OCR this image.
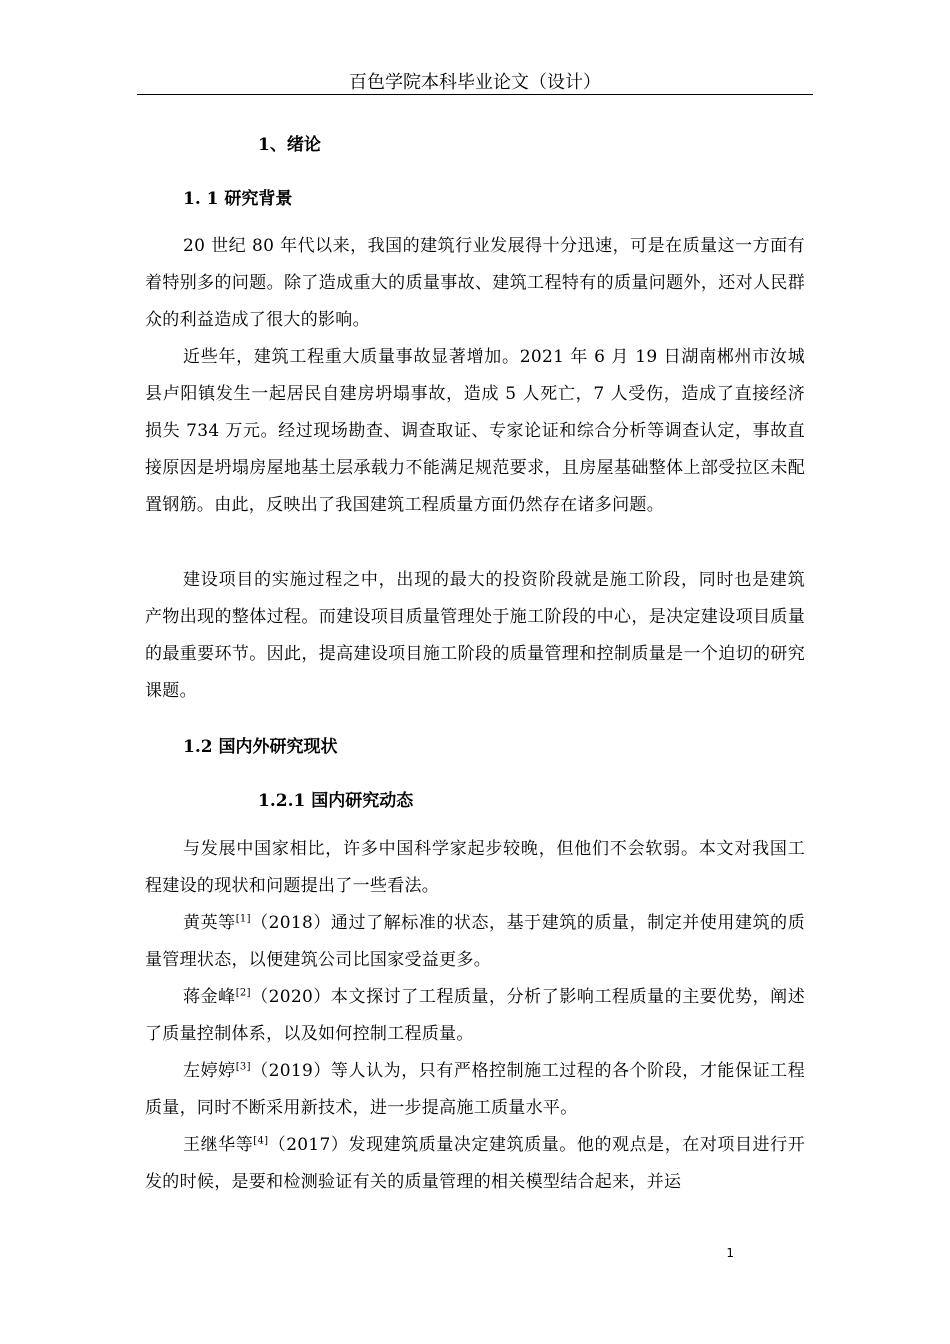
百色学院本科毕业论文（设计）
1、绪论
1. 1 研究背景

20 世纪 80 年代以来，我国的建筑行业发展得十分迅速，可是在质量这一方面有着特别多的问题。除了造成重大的质量事故、建筑工程特有的质量问题外，还对人民群众的利益造成了很大的影响。

近些年，建筑工程重大质量事故显著增加。2021 年 6 月 19 日湖南郴州市汝城县卢阳镇发生一起居民自建房坍塌事故，造成 5 人死亡，7 人受伤，造成了直接经济损失 734 万元。经过现场勘查、调查取证、专家论证和综合分析等调查认定，事故直接原因是坍塌房屋地基土层承载力不能满足规范要求，且房屋基础整体上部受拉区未配置钢筋。由此，反映出了我国建筑工程质量方面仍然存在诸多问题。

建设项目的实施过程之中，出现的最大的投资阶段就是施工阶段，同时也是建筑产物出现的整体过程。而建设项目质量管理处于施工阶段的中心，是决定建设项目质量的最重要环节。因此，提高建设项目施工阶段的质量管理和控制质量是一个迫切的研究课题。

1.2 国内外研究现状
1.2.1 国内研究动态

与发展中国家相比，许多中国科学家起步较晚，但他们不会软弱。本文对我国工程建设的现状和问题提出了一些看法。

黄英等[1]（2018）通过了解标准的状态，基于建筑的质量，制定并使用建筑的质量管理状态，以便建筑公司比国家受益更多。

蒋金峰[2]（2020）本文探讨了工程质量，分析了影响工程质量的主要优势，阐述了质量控制体系，以及如何控制工程质量。

左婷婷[3]（2019）等人认为，只有严格控制施工过程的各个阶段，才能保证工程质量，同时不断采用新技术，进一步提高施工质量水平。

王继华等[4]（2017）发现建筑质量决定建筑质量。他的观点是，在对项目进行开发的时候，是要和检测验证有关的质量管理的相关模型结合起来，并运

1
